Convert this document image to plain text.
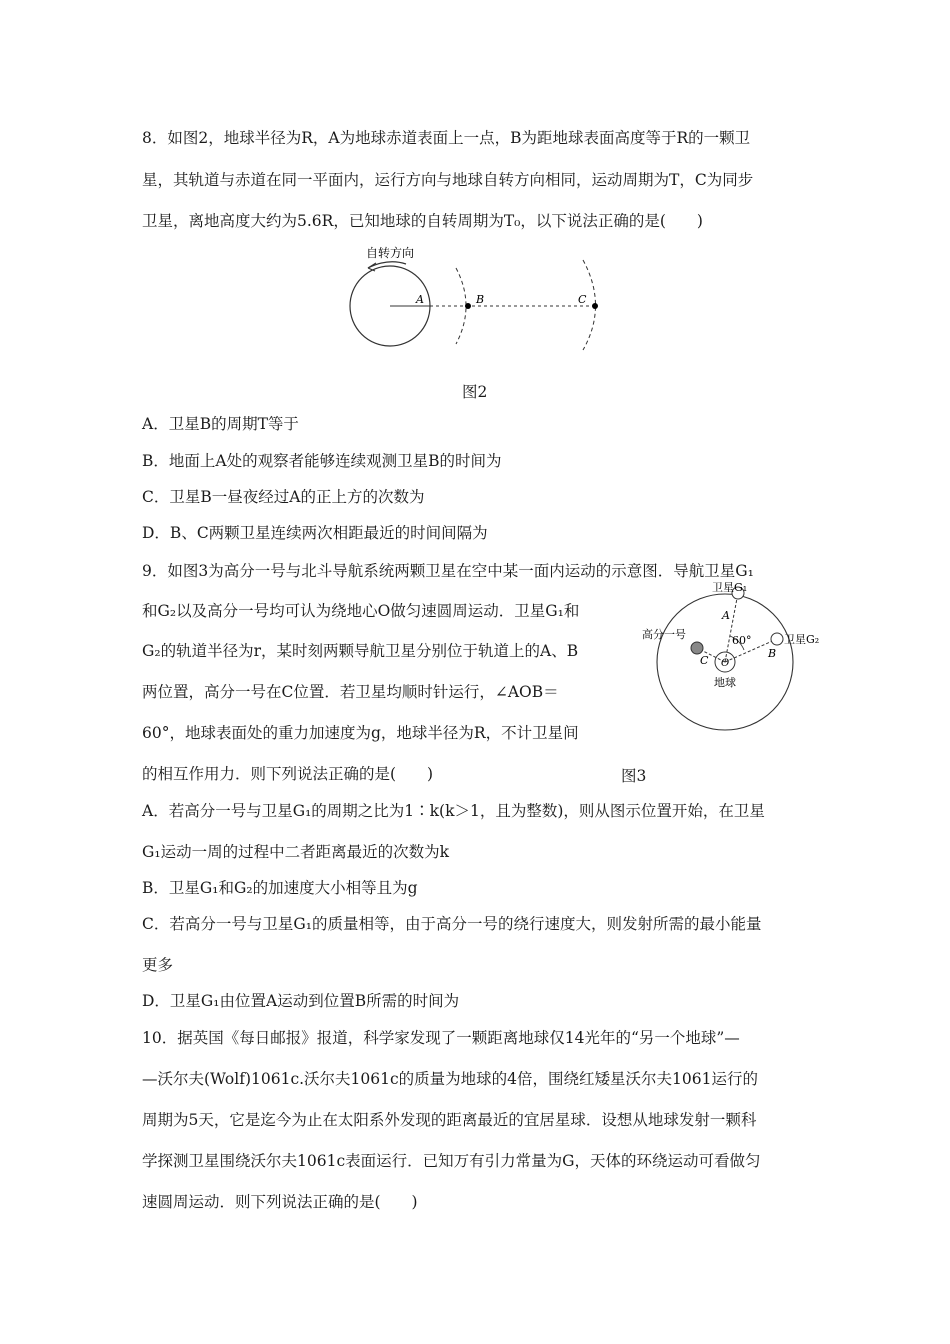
8．如图2，地球半径为R，A为地球赤道表面上一点，B为距地球表面高度等于R的一颗卫
星，其轨道与赤道在同一平面内，运行方向与地球自转方向相同，运动周期为T，C为同步
卫星，离地高度大约为5.6R，已知地球的自转周期为T₀，以下说法正确的是(　　)
自转方向
A	B	C
图2
A．卫星B的周期T等于
B．地面上A处的观察者能够连续观测卫星B的时间为
C．卫星B一昼夜经过A的正上方的次数为
D．B、C两颗卫星连续两次相距最近的时间间隔为
9．如图3为高分一号与北斗导航系统两颗卫星在空中某一面内运动的示意图．导航卫星G₁
和G₂以及高分一号均可认为绕地心O做匀速圆周运动．卫星G₁和
G₂的轨道半径为r，某时刻两颗导航卫星分别位于轨道上的A、B
两位置，高分一号在C位置．若卫星均顺时针运行，∠AOB＝
60°，地球表面处的重力加速度为g，地球半径为R，不计卫星间
的相互作用力．则下列说法正确的是(　　)
卫星G₁
卫星G₂
高分一号	60°
A
B
C O
地球
图3
A．若高分一号与卫星G₁的周期之比为1∶k(k＞1，且为整数)，则从图示位置开始，在卫星
G₁运动一周的过程中二者距离最近的次数为k
B．卫星G₁和G₂的加速度大小相等且为g
C．若高分一号与卫星G₁的质量相等，由于高分一号的绕行速度大，则发射所需的最小能量
更多
D．卫星G₁由位置A运动到位置B所需的时间为
10．据英国《每日邮报》报道，科学家发现了一颗距离地球仅14光年的“另一个地球”—
—沃尔夫(Wolf)1061c.沃尔夫1061c的质量为地球的4倍，围绕红矮星沃尔夫1061运行的
周期为5天，它是迄今为止在太阳系外发现的距离最近的宜居星球．设想从地球发射一颗科
学探测卫星围绕沃尔夫1061c表面运行．已知万有引力常量为G，天体的环绕运动可看做匀
速圆周运动．则下列说法正确的是(　　)
